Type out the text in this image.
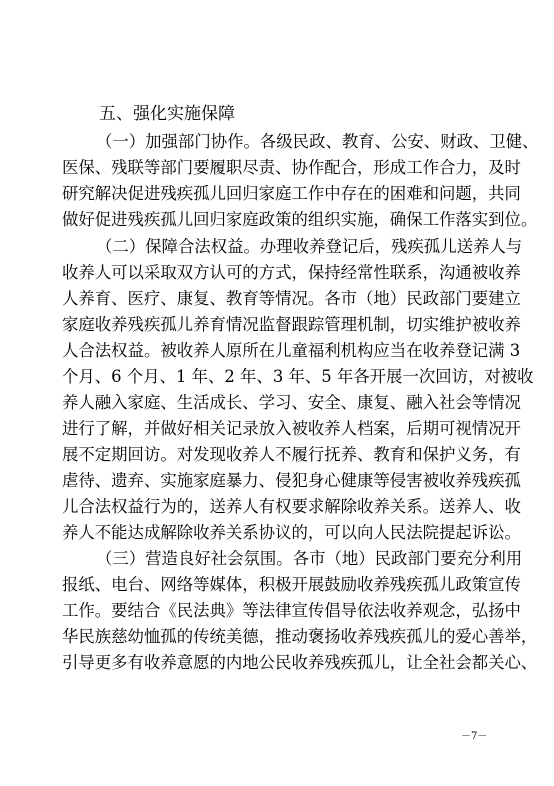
五、强化实施保障
（一）加强部门协作。各级民政、教育、公安、财政、卫健、
医保、残联等部门要履职尽责、协作配合，形成工作合力，及时
研究解决促进残疾孤儿回归家庭工作中存在的困难和问题，共同
做好促进残疾孤儿回归家庭政策的组织实施，确保工作落实到位。
（二）保障合法权益。办理收养登记后，残疾孤儿送养人与
收养人可以采取双方认可的方式，保持经常性联系，沟通被收养
人养育、医疗、康复、教育等情况。各市（地）民政部门要建立
家庭收养残疾孤儿养育情况监督跟踪管理机制，切实维护被收养
人合法权益。被收养人原所在儿童福利机构应当在收养登记满 3
个月、6 个月、1 年、2 年、3 年、5 年各开展一次回访，对被收
养人融入家庭、生活成长、学习、安全、康复、融入社会等情况
进行了解，并做好相关记录放入被收养人档案，后期可视情况开
展不定期回访。对发现收养人不履行抚养、教育和保护义务，有
虐待、遗弃、实施家庭暴力、侵犯身心健康等侵害被收养残疾孤
儿合法权益行为的，送养人有权要求解除收养关系。送养人、收
养人不能达成解除收养关系协议的，可以向人民法院提起诉讼。
（三）营造良好社会氛围。各市（地）民政部门要充分利用
报纸、电台、网络等媒体，积极开展鼓励收养残疾孤儿政策宣传
工作。要结合《民法典》等法律宣传倡导依法收养观念，弘扬中
华民族慈幼恤孤的传统美德，推动褒扬收养残疾孤儿的爱心善举，
引导更多有收养意愿的内地公民收养残疾孤儿，让全社会都关心、
－7－
